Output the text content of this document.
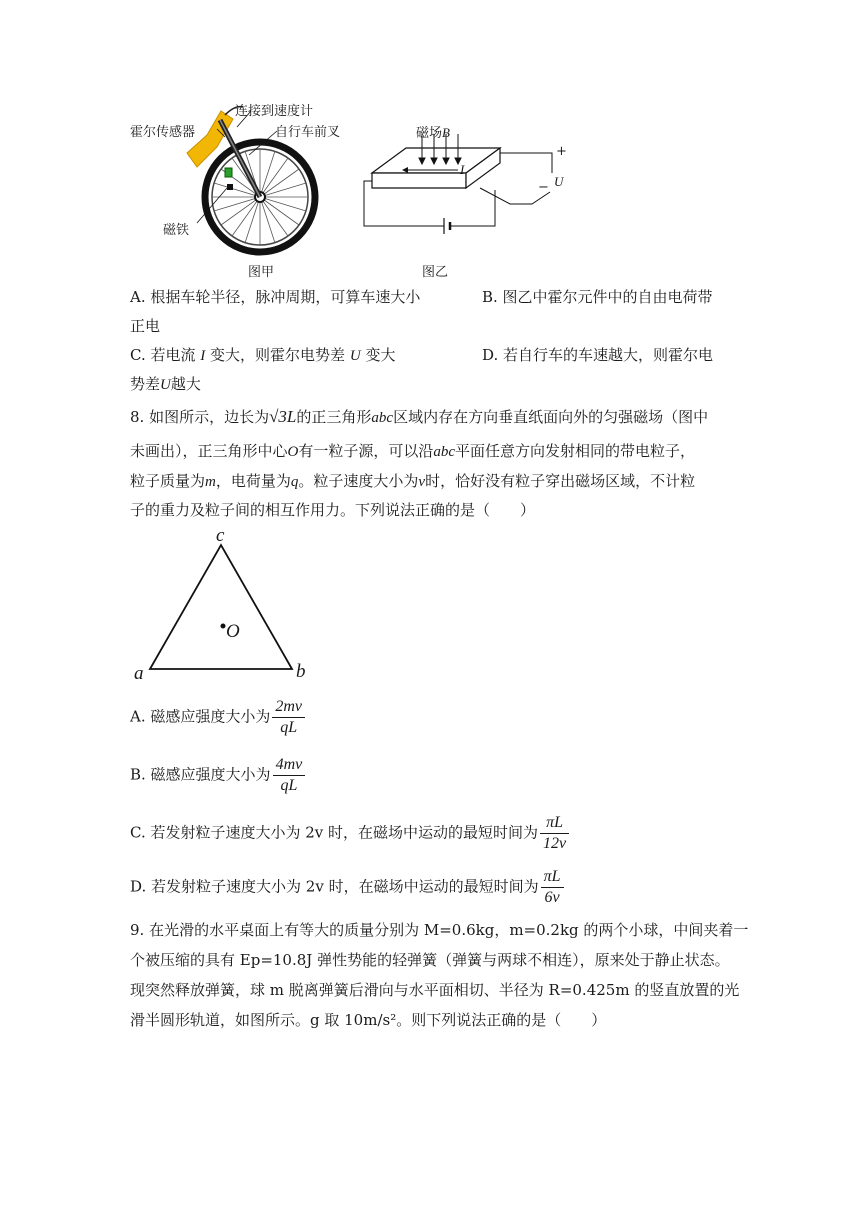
连接到速度计
霍尔传感器	自行车前叉
磁铁
图甲
磁场B
I
+
− U
图乙
A. 根据车轮半径，脉冲周期，可算车速大小	B. 图乙中霍尔元件中的自由电荷带
正电
C. 若电流 I 变大，则霍尔电势差 U 变大	D. 若自行车的车速越大，则霍尔电
势差U越大
8. 如图所示，边长为√3L的正三角形abc区域内存在方向垂直纸面向外的匀强磁场（图中
未画出），正三角形中心O有一粒子源，可以沿abc平面任意方向发射相同的带电粒子，
粒子质量为m，电荷量为q。粒子速度大小为v时，恰好没有粒子穿出磁场区域，不计粒
子的重力及粒子间的相互作用力。下列说法正确的是（　　）
a	b
c
O
A. 磁感应强度大小为 $\frac{2mv}{qL}$
B. 磁感应强度大小为 $\frac{4mv}{qL}$
C. 若发射粒子速度大小为 2v 时，在磁场中运动的最短时间为 $\frac{\pi L}{12v}$
D. 若发射粒子速度大小为 2v 时，在磁场中运动的最短时间为 $\frac{\pi L}{6v}$
9. 在光滑的水平桌面上有等大的质量分别为 M=0.6kg，m=0.2kg 的两个小球，中间夹着一
个被压缩的具有 Ep=10.8J 弹性势能的轻弹簧（弹簧与两球不相连），原来处于静止状态。
现突然释放弹簧，球 m 脱离弹簧后滑向与水平面相切、半径为 R=0.425m 的竖直放置的光
滑半圆形轨道，如图所示。g 取 10m/s²。则下列说法正确的是（　　）
